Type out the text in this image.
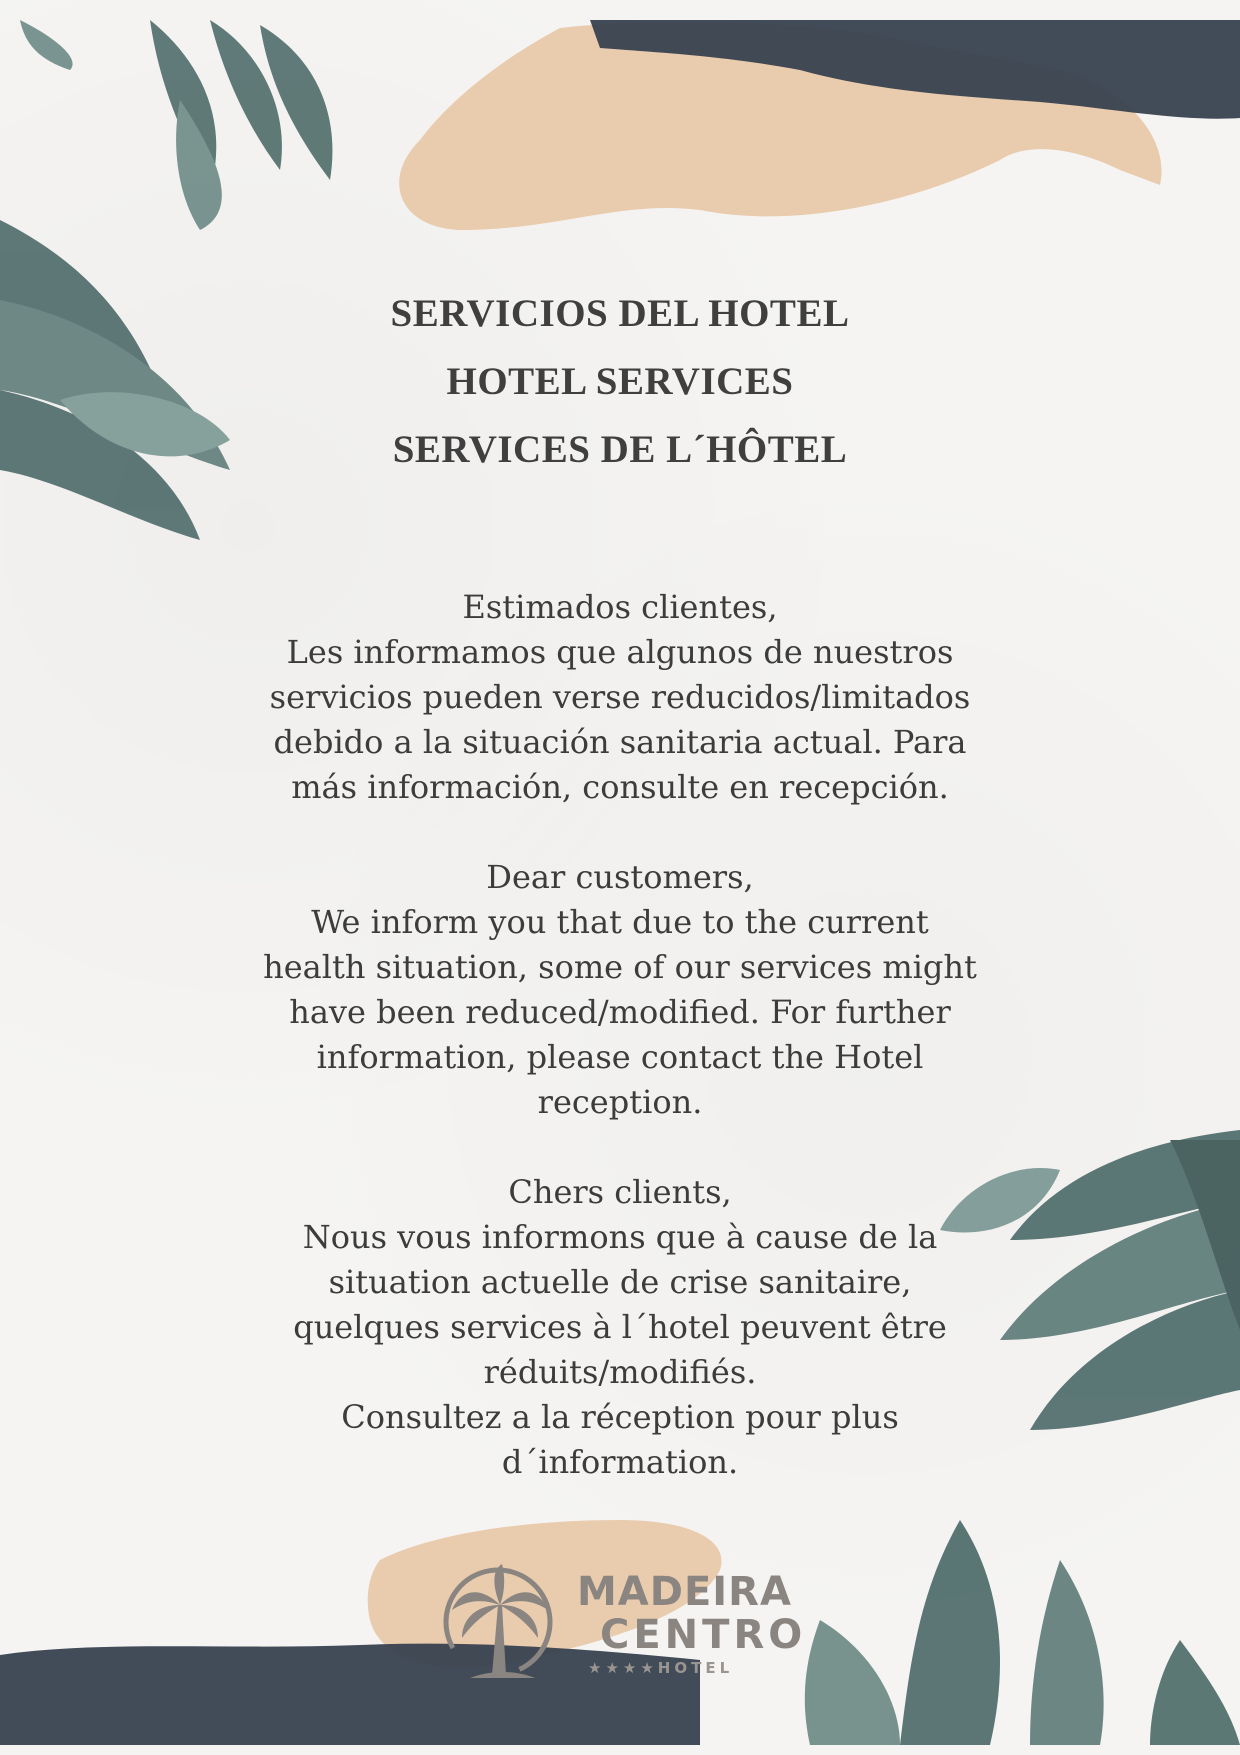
SERVICIOS DEL HOTEL
HOTEL SERVICES
SERVICES DE L´HÔTEL
Estimados clientes,
Les informamos que algunos de nuestros
servicios pueden verse reducidos/limitados
debido a la situación sanitaria actual. Para
más información, consulte en recepción.
Dear customers,
We inform you that due to the current
health situation, some of our services might
have been reduced/modified. For further
information, please contact the Hotel
reception.
Chers clients,
Nous vous informons que à cause de la
situation actuelle de crise sanitaire,
quelques services à l´hotel peuvent être
réduits/modifiés.
Consultez a la réception pour plus
d´information.
MADEIRA
CENTRO
★★★★HOTEL
